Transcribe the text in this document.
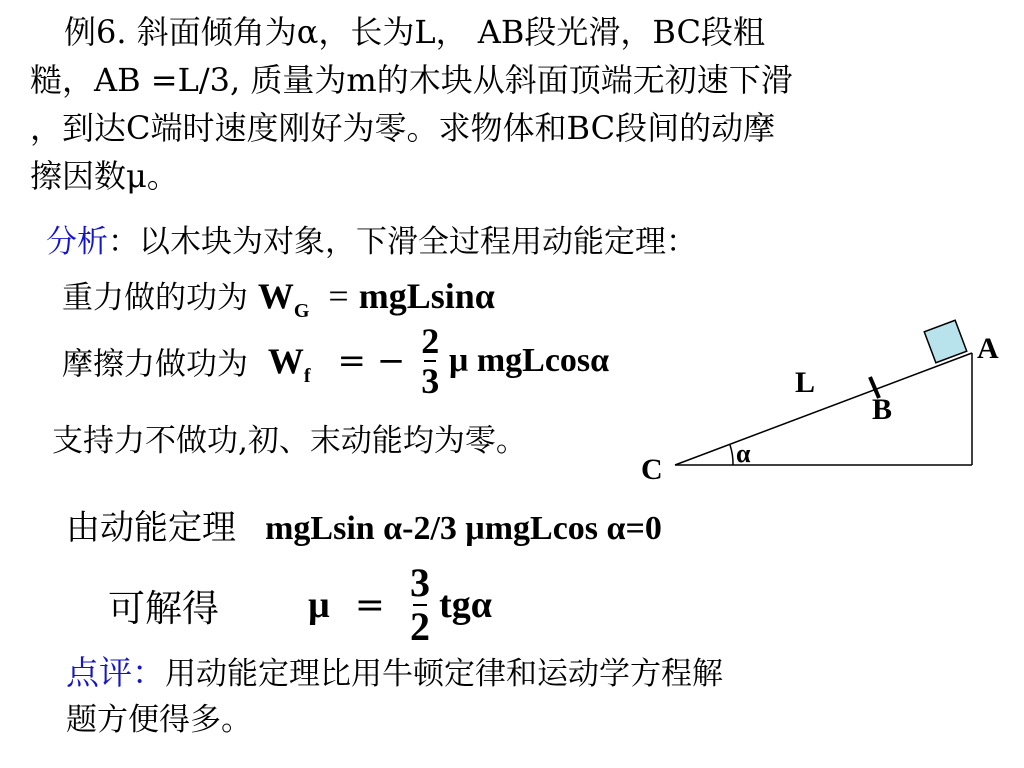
例6. 斜面倾角为α，长为L， AB段光滑，BC段粗
糙，AB =L/3, 质量为m的木块从斜面顶端无初速下滑
，到达C端时速度刚好为零。求物体和BC段间的动摩
擦因数μ。
分析：以木块为对象，下滑全过程用动能定理：
重力做的功为 $W_G = mgLsin\alpha$
摩擦力做功为 $W_f$ = − $\frac{2}{3}$ μ mgLcosα
支持力不做功,初、末动能均为零。
A
B
C
L
α
由动能定理 mgLsin α-2/3 μmgLcos α=0
可解得 $\mu = \frac{3}{2}$ tgα
点评：用动能定理比用牛顿定律和运动学方程解
题方便得多。
